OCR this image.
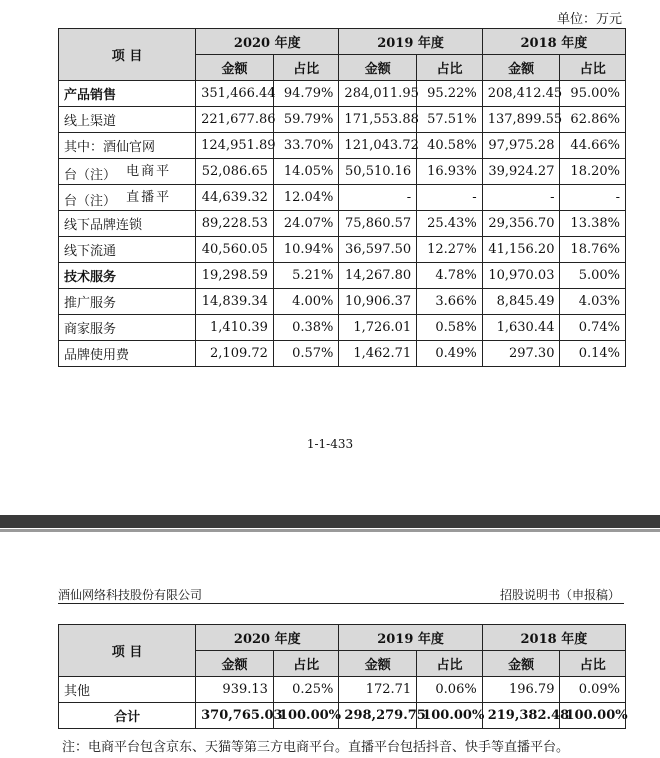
单位：万元
项 目	2020 年度		2019 年度		2018 年度	
	金额	占比	金额	占比	金额	占比
产品销售	351,466.44	94.79%	284,011.95	95.22%	208,412.45	95.00%
线上渠道	221,677.86	59.79%	171,553.88	57.51%	137,899.55	62.86%
其中：酒仙官网	124,951.89	33.70%	121,043.72	40.58%	97,975.28	44.66%

电商平
台（注）	52,086.65	14.05%	50,510.16	16.93%	39,924.27	18.20%

直播平
台（注）	44,639.32	12.04%	-	-	-	-
线下品牌连锁	89,228.53	24.07%	75,860.57	25.43%	29,356.70	13.38%
线下流通	40,560.05	10.94%	36,597.50	12.27%	41,156.20	18.76%
技术服务	19,298.59	5.21%	14,267.80	4.78%	10,970.03	5.00%
推广服务	14,839.34	4.00%	10,906.37	3.66%	8,845.49	4.03%
商家服务	1,410.39	0.38%	1,726.01	0.58%	1,630.44	0.74%
品牌使用费	2,109.72	0.57%	1,462.71	0.49%	297.30	0.14%
1-1-433
酒仙网络科技股份有限公司	招股说明书（申报稿）
项 目	2020 年度		2019 年度		2018 年度	
	金额	占比	金额	占比	金额	占比
其他	939.13	0.25%	172.71	0.06%	196.79	0.09%
合计	370,765.03	100.00%	298,279.75	100.00%	219,382.48	100.00%
注：电商平台包含京东、天猫等第三方电商平台。直播平台包括抖音、快手等直播平台。
